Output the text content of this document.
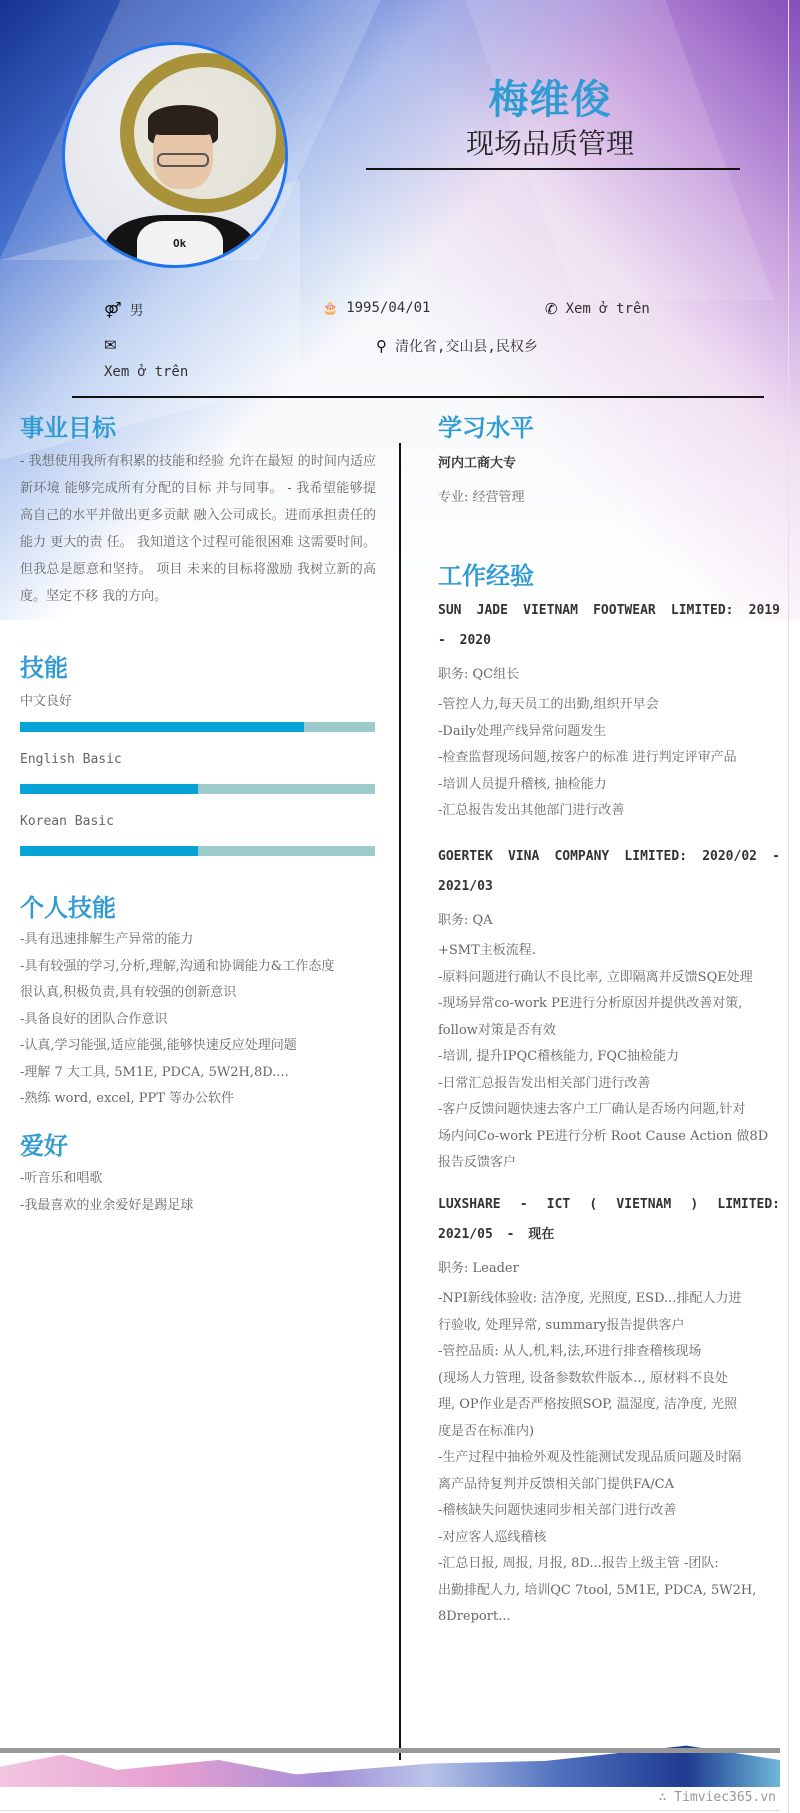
Ok
梅维俊
现场品质管理
⚤ 男	🎂 1995/04/01	✆ Xem ở trên
✉
Xem ở trên
⚲ 清化省,交山县,民权乡
事业目标
- 我想使用我所有积累的技能和经验 允许在最短 的时间内适应新环境 能够完成所有分配的目标 并与同事。 - 我希望能够提高自己的水平并做出更多贡献 融入公司成长。进而承担责任的能力 更大的责 任。 我知道这个过程可能很困难 这需要时间。 但我总是愿意和坚持。 项目 未来的目标将激励 我树立新的高度。坚定不移 我的方向。
技能
中文良好
English Basic
Korean Basic
个人技能
-具有迅速排解生产异常的能力
-具有较强的学习,分析,理解,沟通和协调能力&工作态度
很认真,积极负责,具有较强的创新意识
-具备良好的团队合作意识
-认真,学习能强,适应能强,能够快速反应处理问题
-理解 7 大工具, 5M1E, PDCA, 5W2H,8D....
-熟练 word, excel, PPT 等办公软件
爱好
-听音乐和唱歌
-我最喜欢的业余爱好是踢足球
学习水平
河内工商大专
专业: 经营管理
工作经验
SUN JADE VIETNAM FOOTWEAR LIMITED: 2019 - 2020
职务: QC组长
-管控人力,每天员工的出勤,组织开早会
-Daily处理产线异常问题发生
-检查监督现场问题,按客户的标准 进行判定评审产品
-培训人员提升稽核, 抽检能力
-汇总报告发出其他部门进行改善
GOERTEK VINA COMPANY LIMITED: 2020/02 - 2021/03
职务: QA
+SMT主板流程.
-原料问题进行确认不良比率, 立即隔离并反馈SQE处理
-现场异常co-work PE进行分析原因并提供改善对策,
follow对策是否有效
-培训, 提升IPQC稽核能力, FQC抽检能力
-日常汇总报告发出相关部门进行改善
-客户反馈问题快速去客户工厂确认是否场内问题,针对
场内问Co-work PE进行分析 Root Cause Action 做8D
报告反馈客户
LUXSHARE - ICT ( VIETNAM ) LIMITED: 2021/05 - 现在
职务: Leader
-NPI新线体验收: 洁净度, 光照度, ESD...排配人力进
行验收, 处理异常, summary报告提供客户
-管控品质: 从人,机,料,法,环进行排查稽核现场
(现场人力管理, 设备参数软件版本.., 原材料不良处
理, OP作业是否严格按照SOP, 温湿度, 洁净度, 光照
度是否在标准内)
-生产过程中抽检外观及性能测试发现品质问题及时隔
离产品待复判并反馈相关部门提供FA/CA
-稽核缺失问题快速同步相关部门进行改善
-对应客人巡线稽核
-汇总日报, 周报, 月报, 8D...报告上级主管 -团队:
出勤排配人力, 培训QC 7tool, 5M1E, PDCA, 5W2H,
8Dreport...
∴ Timviec365.vn
